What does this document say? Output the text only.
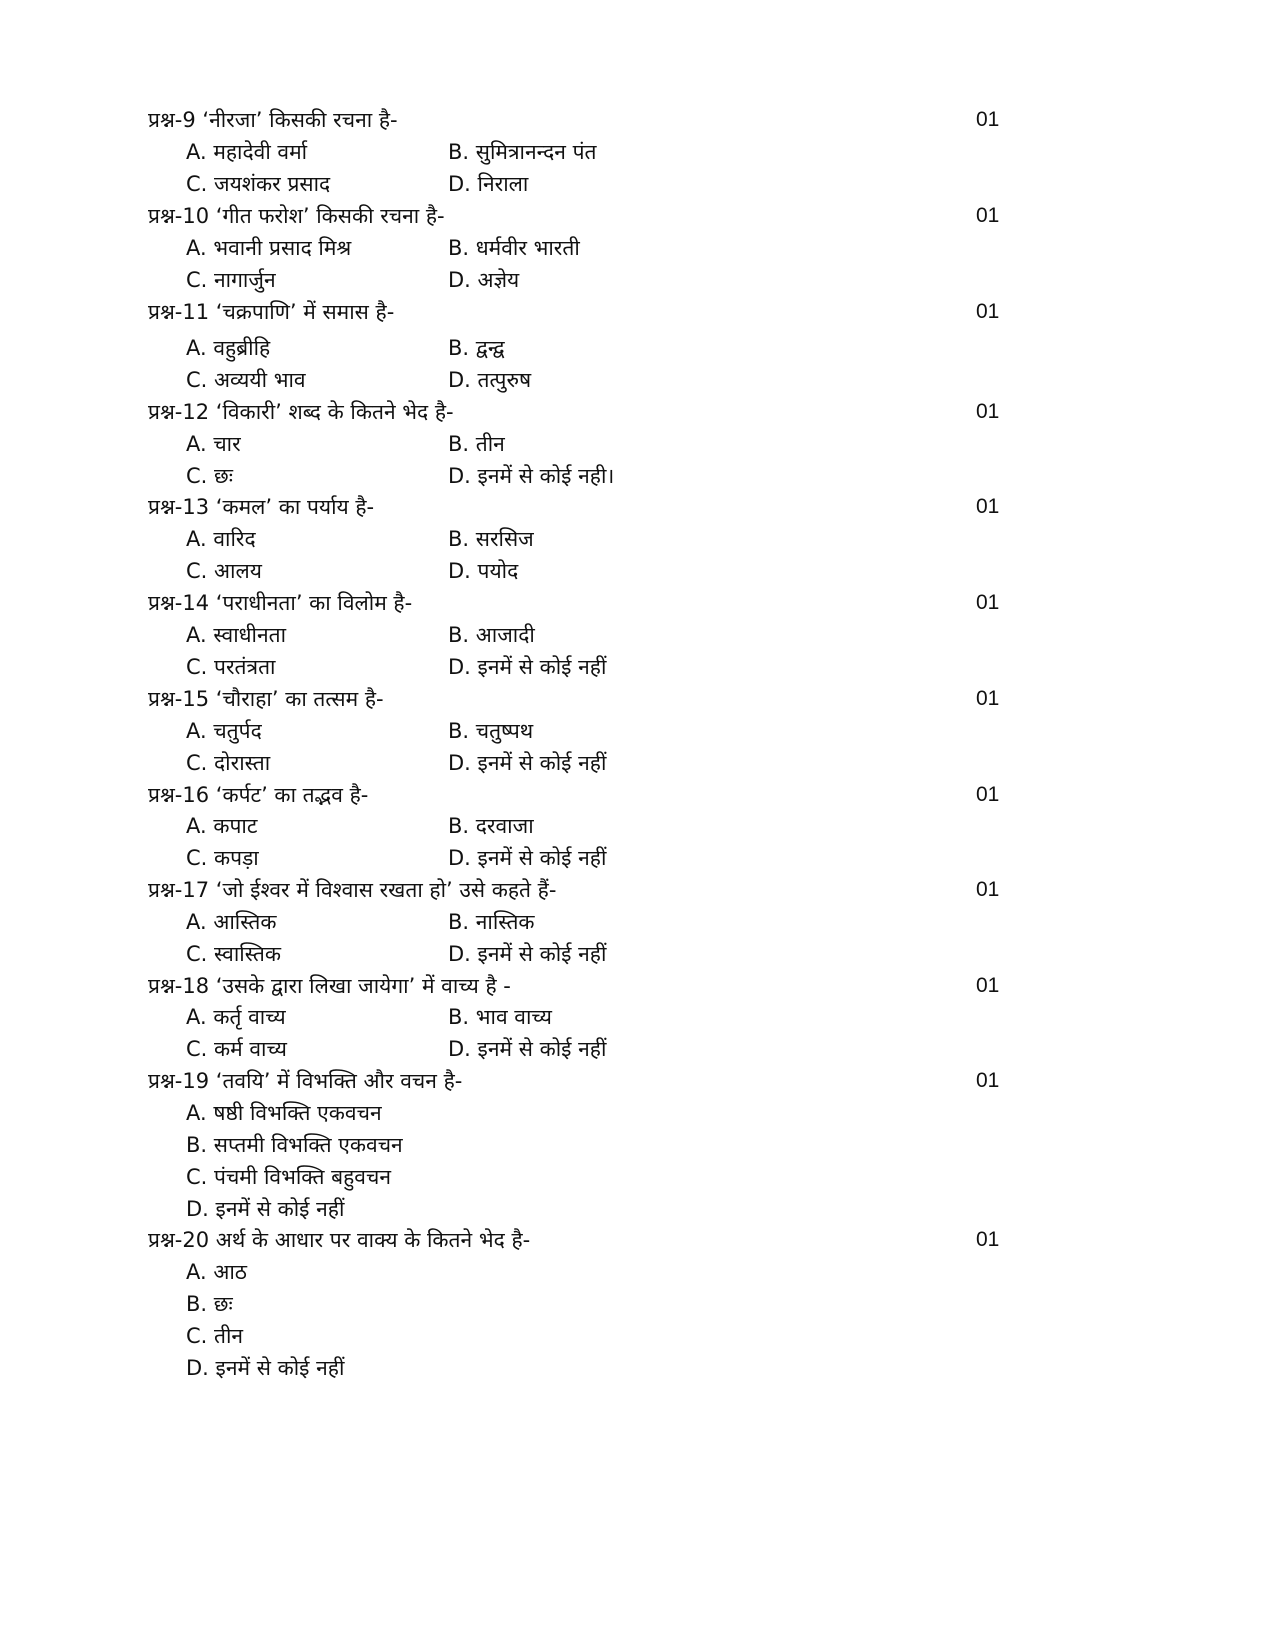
प्रश्न-9 ‘नीरजा’ किसकी रचना है-	01
A. महादेवी वर्मा	B. सुमित्रानन्दन पंत
C. जयशंकर प्रसाद	D. निराला
प्रश्न-10 ‘गीत फरोश’ किसकी रचना है-	01
A. भवानी प्रसाद मिश्र	B. धर्मवीर भारती
C. नागार्जुन	D. अज्ञेय
प्रश्न-11 ‘चक्रपाणि’ में समास है-	01
A. वहुब्रीहि	B. द्वन्द्व
C. अव्ययी भाव	D. तत्पुरुष
प्रश्न-12 ‘विकारी’ शब्द के कितने भेद है-	01
A. चार	B. तीन
C. छः	D. इनमें से कोई नही।
प्रश्न-13 ‘कमल’ का पर्याय है-	01
A. वारिद	B. सरसिज
C. आलय	D. पयोद
प्रश्न-14 ‘पराधीनता’ का विलोम है-	01
A. स्वाधीनता	B. आजादी
C. परतंत्रता	D. इनमें से कोई नहीं
प्रश्न-15 ‘चौराहा’ का तत्सम है-	01
A. चतुर्पद	B. चतुष्पथ
C. दोरास्ता	D. इनमें से कोई नहीं
प्रश्न-16 ‘कर्पट’ का तद्भव है-	01
A. कपाट	B. दरवाजा
C. कपड़ा	D. इनमें से कोई नहीं
प्रश्न-17 ‘जो ईश्वर में विश्वास रखता हो’ उसे कहते हैं-	01
A. आस्तिक	B. नास्तिक
C. स्वास्तिक	D. इनमें से कोई नहीं
प्रश्न-18 ‘उसके द्वारा लिखा जायेगा’ में वाच्य है -	01
A. कर्तृ वाच्य	B. भाव वाच्य
C. कर्म वाच्य	D. इनमें से कोई नहीं
प्रश्न-19 ‘तवयि’ में विभक्ति और वचन है-	01
A. षष्ठी विभक्ति एकवचन
B. सप्तमी विभक्ति एकवचन
C. पंचमी विभक्ति बहुवचन
D. इनमें से कोई नहीं
प्रश्न-20 अर्थ के आधार पर वाक्य के कितने भेद है-	01
A. आठ
B. छः
C. तीन
D. इनमें से कोई नहीं
